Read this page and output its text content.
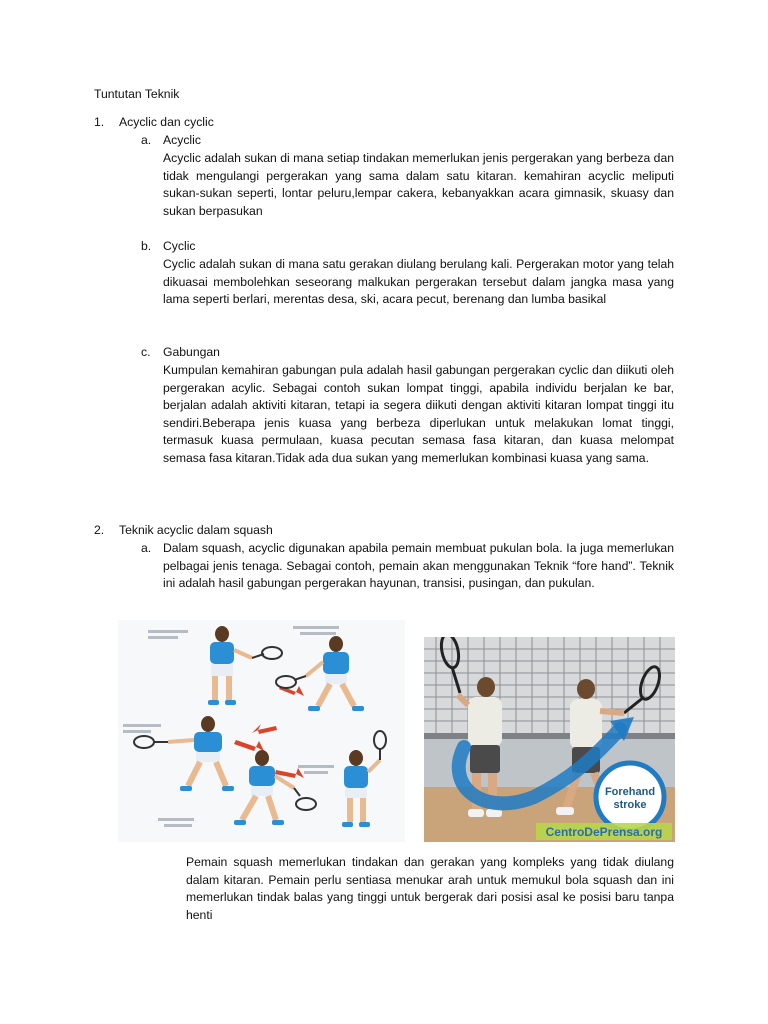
Tuntutan Teknik
1. Acyclic dan cyclic
a. Acyclic
Acyclic adalah sukan di mana setiap tindakan memerlukan jenis pergerakan yang berbeza dan tidak mengulangi pergerakan yang sama dalam satu kitaran. kemahiran acyclic meliputi sukan-sukan seperti, lontar peluru,lempar cakera, kebanyakkan acara gimnasik, skuasy dan sukan berpasukan
b. Cyclic
Cyclic adalah sukan di mana satu gerakan diulang berulang kali. Pergerakan motor yang telah dikuasai membolehkan seseorang malkukan pergerakan tersebut dalam jangka masa yang lama seperti berlari, merentas desa, ski, acara pecut, berenang dan lumba basikal
c. Gabungan
Kumpulan kemahiran gabungan pula adalah hasil gabungan pergerakan cyclic dan diikuti oleh pergerakan acylic. Sebagai contoh sukan lompat tinggi, apabila individu berjalan ke bar, berjalan adalah aktiviti kitaran, tetapi ia segera diikuti dengan aktiviti kitaran lompat tinggi itu sendiri.Beberapa jenis kuasa yang berbeza diperlukan untuk melakukan lomat tinggi, termasuk kuasa permulaan, kuasa pecutan semasa fasa kitaran, dan kuasa melompat semasa fasa kitaran.Tidak ada dua sukan yang memerlukan kombinasi kuasa yang sama.
2. Teknik acyclic dalam squash
a. Dalam squash, acyclic digunakan apabila pemain membuat pukulan bola. Ia juga memerlukan pelbagai jenis tenaga. Sebagai contoh, pemain akan menggunakan Teknik “fore hand”. Teknik ini adalah hasil gabungan pergerakan hayunan, transisi, pusingan, dan pukulan.
Forehand
stroke
CentroDePrensa.org
Pemain squash memerlukan tindakan dan gerakan yang kompleks yang tidak diulang dalam kitaran. Pemain perlu sentiasa menukar arah untuk memukul bola squash dan ini memerlukan tindak balas yang tinggi untuk bergerak dari posisi asal ke posisi baru tanpa henti
